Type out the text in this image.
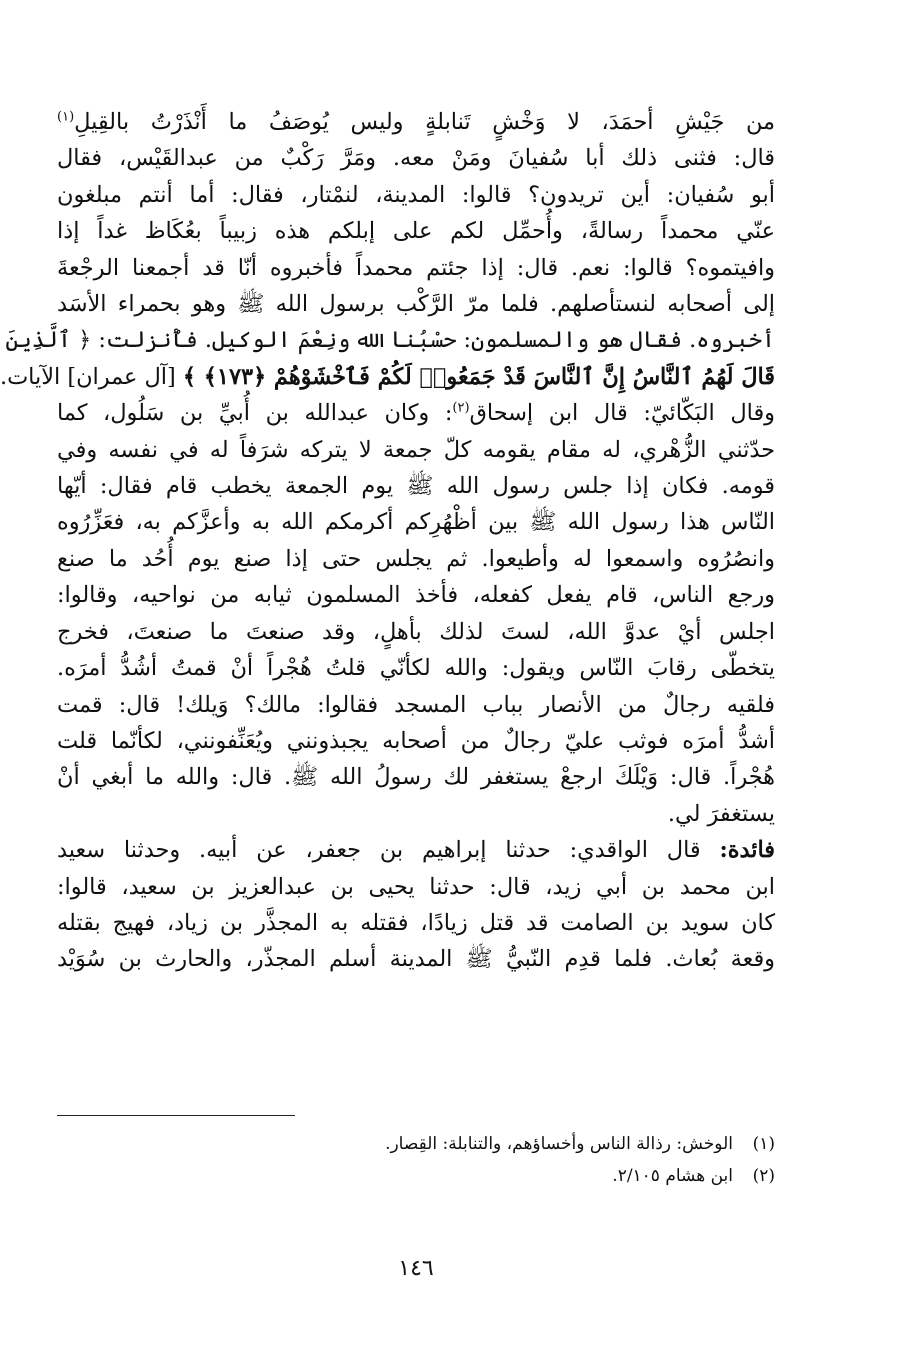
من جَيْشِ أحمَدَ، لا وَخْشٍ تَنابلةٍ وليس يُوصَفُ ما أَنْذَرْتُ بالقِيلِ$^{(١)}$
قال: فثنى ذلك أبا سُفيانَ ومَنْ معه. ومَرَّ رَكْبٌ من عبدالقَيْس، فقال
أبو سُفيان: أين تريدون؟ قالوا: المدينة، لنمْتار، فقال: أما أنتم مبلغون
عنّي محمداً رسالةً، وأُحمِّل لكم على إبلكم هذه زبيباً بعُكَاظ غداً إذا
وافيتموه؟ قالوا: نعم. قال: إذا جئتم محمداً فأخبروه أنّا قد أجمعنا الرجْعةَ
إلى أصحابه لنستأصلهم. فلما مرّ الرَّكْب برسول الله ﷺ وهو بحمراء الأسَد
أخبروه. فقال هو والمسلمون: حسْبُنا الله ونِعْمَ الوكيل. فأُنزلت: ﴿ ٱلَّذِينَ
قَالَ لَهُمُ ٱلنَّاسُ إِنَّ ٱلنَّاسَ قَدْ جَمَعُوا۟ لَكُمْ فَٱخْشَوْهُمْ ﴿١٧٣﴾ ﴾ [آل عمران] الآيات.
وقال البَكّائيّ: قال ابن إسحاق$^{(٢)}$: وكان عبدالله بن أُبيِّ بن سَلُول، كما
حدّثني الزُّهْري، له مقام يقومه كلّ جمعة لا يتركه شرَفاً له في نفسه وفي
قومه. فكان إذا جلس رسول الله ﷺ يوم الجمعة يخطب قام فقال: أيّها
النّاس هذا رسول الله ﷺ بين أظْهُرِكم أكرمكم الله به وأعزَّكم به، فعَزِّرُوه
وانصُرُوه واسمعوا له وأطيعوا. ثم يجلس حتى إذا صنع يوم أُحُد ما صنع
ورجع الناس، قام يفعل كفعله، فأخذ المسلمون ثيابه من نواحيه، وقالوا:
اجلس أيْ عدوَّ الله، لستَ لذلك بأهلٍ، وقد صنعتَ ما صنعتَ، فخرج
يتخطّى رقابَ النّاس ويقول: والله لكأنّي قلتُ هُجْراً أنْ قمتُ أشُدُّ أمرَه.
فلقيه رجالٌ من الأنصار بباب المسجد فقالوا: مالك؟ وَيلك! قال: قمت
أشدُّ أمرَه فوثب عليّ رجالٌ من أصحابه يجبذونني ويُعَنِّفونني، لكأنّما قلت
هُجْراً. قال: وَيْلَكَ ارجعْ يستغفر لك رسولُ الله ﷺ. قال: والله ما أبغي أنْ
يستغفرَ لي.
فائدة: قال الواقدي: حدثنا إبراهيم بن جعفر، عن أبيه. وحدثنا سعيد
ابن محمد بن أبي زيد، قال: حدثنا يحيى بن عبدالعزيز بن سعيد، قالوا:
كان سويد بن الصامت قد قتل زيادًا، فقتله به المجذَّر بن زياد، فهيج بقتله
وقعة بُعاث. فلما قدِم النّبيُّ ﷺ المدينة أسلم المجذّر، والحارث بن سُوَيْد
(١)الوخش: رذالة الناس وأخساؤهم، والتنابلة: القِصار.
(٢)ابن هشام ٢/١٠٥.
١٤٦
